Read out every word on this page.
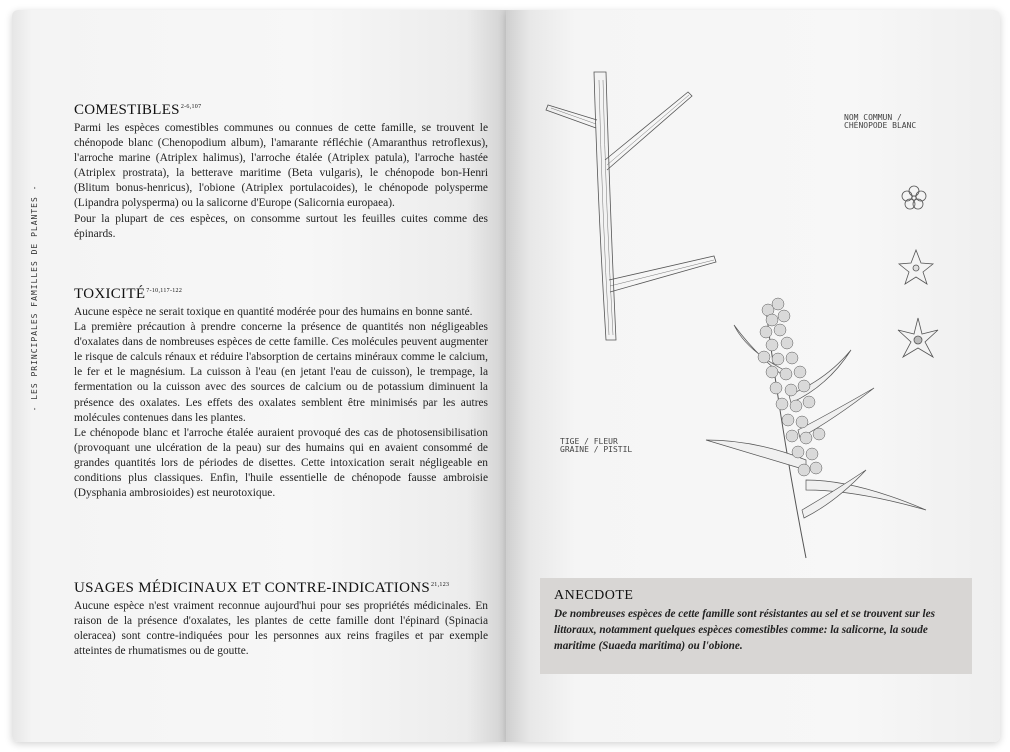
- LES PRINCIPALES FAMILLES DE PLANTES -
COMESTIBLES$^{2-6,107}$

Parmi les espèces comestibles communes ou connues de cette famille, se trouvent le chénopode blanc (Chenopodium album), l'amarante réfléchie (Amaranthus retroflexus), l'arroche marine (Atriplex halimus), l'arroche étalée (Atriplex patula), l'arroche hastée (Atriplex prostrata), la betterave maritime (Beta vulgaris), le chénopode bon-Henri (Blitum bonus-henricus), l'obione (Atriplex portulacoides), le chénopode polysperme (Lipandra polysperma) ou la salicorne d'Europe (Salicornia europaea).

Pour la plupart de ces espèces, on consomme surtout les feuilles cuites comme des épinards.

TOXICITÉ$^{7-10,117-122}$

Aucune espèce ne serait toxique en quantité modérée pour des humains en bonne santé.

La première précaution à prendre concerne la présence de quantités non négligeables d'oxalates dans de nombreuses espèces de cette famille. Ces molécules peuvent augmenter le risque de calculs rénaux et réduire l'absorption de certains minéraux comme le calcium, le fer et le magnésium. La cuisson à l'eau (en jetant l'eau de cuisson), le trempage, la fermentation ou la cuisson avec des sources de calcium ou de potassium diminuent la présence des oxalates. Les effets des oxalates semblent être minimisés par les autres molécules contenues dans les plantes.

Le chénopode blanc et l'arroche étalée auraient provoqué des cas de photosensibilisation (provoquant une ulcération de la peau) sur des humains qui en avaient consommé de grandes quantités lors de périodes de disettes. Cette intoxication serait négligeable en conditions plus classiques. Enfin, l'huile essentielle de chénopode fausse ambroisie (Dysphania ambrosioides) est neurotoxique.

USAGES MÉDICINAUX ET CONTRE-INDICATIONS$^{21,123}$

Aucune espèce n'est vraiment reconnue aujourd'hui pour ses propriétés médicinales. En raison de la présence d'oxalates, les plantes de cette famille dont l'épinard (Spinacia oleracea) sont contre-indiquées pour les personnes aux reins fragiles et par exemple atteintes de rhumatismes ou de goutte.

NOM COMMUN /
CHÉNOPODE BLANC
TIGE / FLEUR
GRAINE / PISTIL
ANECDOTE

De nombreuses espèces de cette famille sont résistantes au sel et se trouvent sur les littoraux, notamment quelques espèces comestibles comme: la salicorne, la soude maritime (Suaeda maritima) ou l'obione.
